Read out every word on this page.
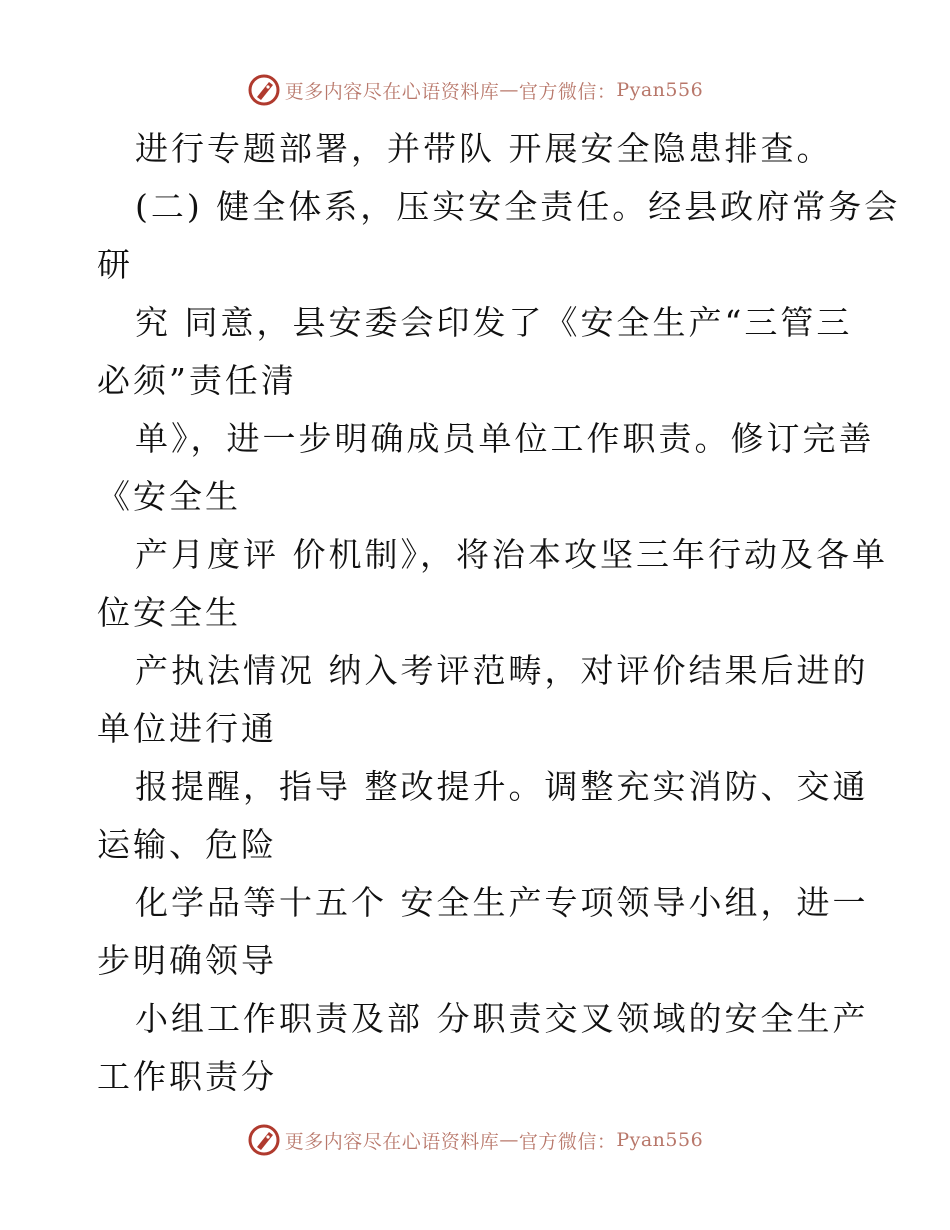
更多内容尽在心语资料库 — 官方微信： Pyan556
进行专题部署，并带队 开展安全隐患排查。
(二) 健全体系，压实安全责任。经县政府常务会
研
究 同意，县安委会印发了《安全生产“三管三
必须”责任清
单》，进一步明确成员单位工作职责。修订完善
《安全生
产月度评 价机制》，将治本攻坚三年行动及各单
位安全生
产执法情况 纳入考评范畴，对评价结果后进的
单位进行通
报提醒，指导 整改提升。调整充实消防、交通
运输、危险
化学品等十五个 安全生产专项领导小组，进一
步明确领导
小组工作职责及部 分职责交叉领域的安全生产
工作职责分
更多内容尽在心语资料库 — 官方微信： Pyan556
